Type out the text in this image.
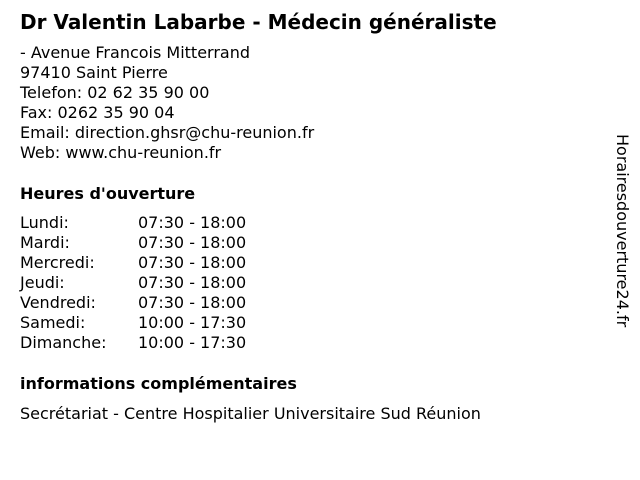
Dr Valentin Labarbe - Médecin généraliste
- Avenue Francois Mitterrand
97410 Saint Pierre
Telefon: 02 62 35 90 00
Fax: 0262 35 90 04
Email: direction.ghsr@chu-reunion.fr
Web: www.chu-reunion.fr
Heures d'ouverture
Lundi:	07:30 - 18:00
Mardi:	07:30 - 18:00
Mercredi:	07:30 - 18:00
Jeudi:	07:30 - 18:00
Vendredi:	07:30 - 18:00
Samedi:	10:00 - 17:30
Dimanche: 10:00 - 17:30
informations complémentaires
Secrétariat - Centre Hospitalier Universitaire Sud Réunion
Horairesdouverture24.fr
